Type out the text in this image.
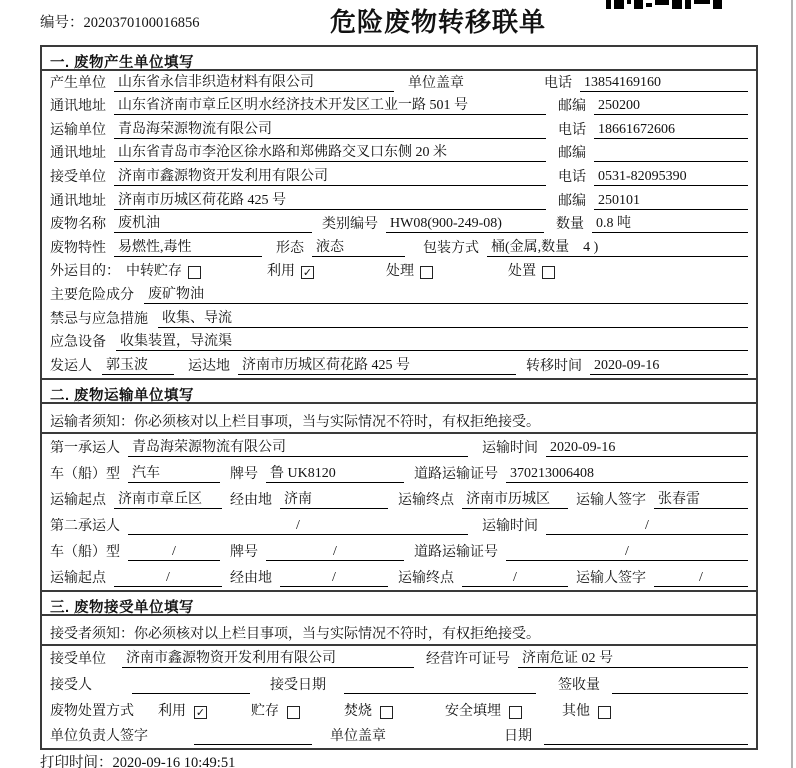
编号：2020370100016856	危险废物转移联单
一. 废物产生单位填写
产生单位 山东省永信非织造材料有限公司	单位盖章	电话 13854169160
通讯地址 山东省济南市章丘区明水经济技术开发区工业一路 501 号	邮编 250200
运输单位 青岛海荣源物流有限公司	电话 18661672606
通讯地址 山东省青岛市李沧区徐水路和郑佛路交叉口东侧 20 米	邮编
接受单位 济南市鑫源物资开发利用有限公司	电话 0531-82095390
通讯地址 济南市历城区荷花路 425 号	邮编 250101
废物名称 废机油	类别编号 HW08(900-249-08)	数量 0.8 吨
废物特性 易燃性,毒性	形态 液态	包装方式 桶(金属,数量　4 )
外运目的： 中转贮存	利用 ✓	处理	处置
主要危险成分 废矿物油
禁忌与应急措施 收集、导流
应急设备 收集装置，导流渠
发运人 郭玉波	运达地 济南市历城区荷花路 425 号	转移时间 2020-09-16
二. 废物运输单位填写
运输者须知：你必须核对以上栏目事项，当与实际情况不符时，有权拒绝接受。
第一承运人 青岛海荣源物流有限公司	运输时间 2020-09-16
车（船）型 汽车	牌号 鲁 UK8120	道路运输证号 370213006408
运输起点 济南市章丘区	经由地 济南	运输终点 济南市历城区	运输人签字 张春雷
第二承运人	/	运输时间	/
车（船）型	/	牌号	/	道路运输证号	/
运输起点	/	经由地	/	运输终点	/	运输人签字	/
三. 废物接受单位填写
接受者须知：你必须核对以上栏目事项，当与实际情况不符时，有权拒绝接受。
接受单位 济南市鑫源物资开发利用有限公司	经营许可证号 济南危证 02 号
接受人	接受日期	签收量
废物处置方式 利用 ✓	贮存	焚烧	安全填埋	其他
单位负责人签字	单位盖章	日期
打印时间：2020-09-16 10:49:51
